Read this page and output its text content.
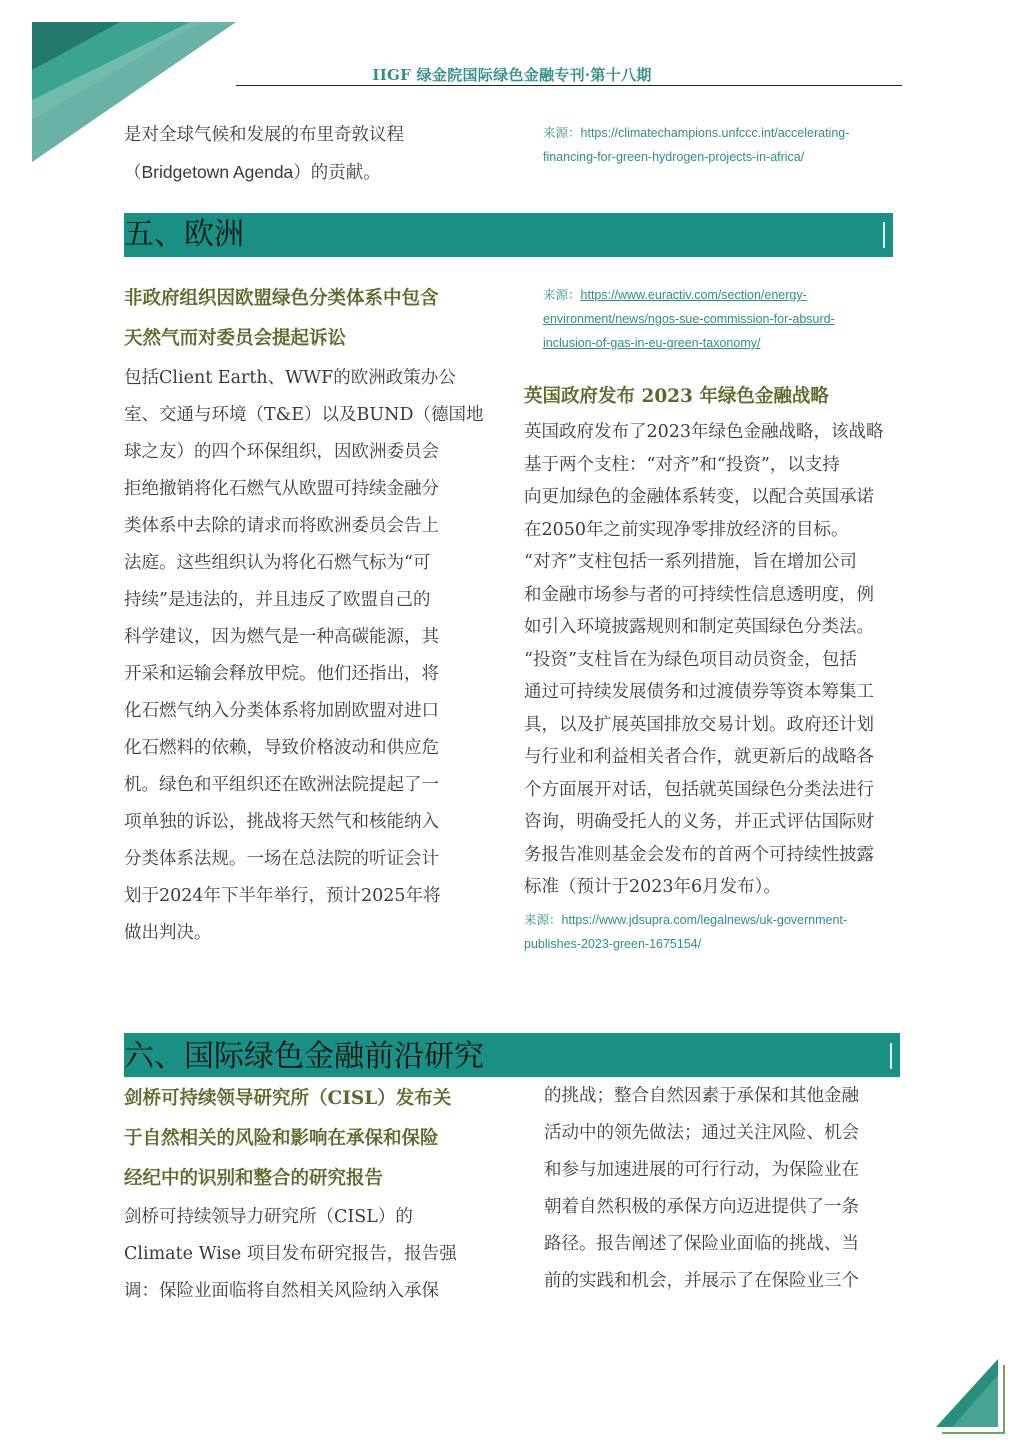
IIGF 绿金院国际绿色金融专刊·第十八期

是对全球气候和发展的布里奇敦议程

（Bridgetown Agenda）的贡献。

来源：https://climatechampions.unfccc.int/accelerating-

financing-for-green-hydrogen-projects-in-africa/

五、欧洲

非政府组织因欧盟绿色分类体系中包含

天然气而对委员会提起诉讼

包括Client Earth、WWF的欧洲政策办公

室、交通与环境（T&E）以及BUND（德国地

球之友）的四个环保组织，因欧洲委员会

拒绝撤销将化石燃气从欧盟可持续金融分

类体系中去除的请求而将欧洲委员会告上

法庭。这些组织认为将化石燃气标为“可

持续”是违法的，并且违反了欧盟自己的

科学建议，因为燃气是一种高碳能源，其

开采和运输会释放甲烷。他们还指出，将

化石燃气纳入分类体系将加剧欧盟对进口

化石燃料的依赖，导致价格波动和供应危

机。绿色和平组织还在欧洲法院提起了一

项单独的诉讼，挑战将天然气和核能纳入

分类体系法规。一场在总法院的听证会计

划于2024年下半年举行，预计2025年将

做出判决。

来源：https://www.euractiv.com/section/energy-

environment/news/ngos-sue-commission-for-absurd-

inclusion-of-gas-in-eu-green-taxonomy/

英国政府发布 2023 年绿色金融战略

英国政府发布了2023年绿色金融战略，该战略

基于两个支柱：“对齐”和“投资”，以支持

向更加绿色的金融体系转变，以配合英国承诺

在2050年之前实现净零排放经济的目标。

“对齐”支柱包括一系列措施，旨在增加公司

和金融市场参与者的可持续性信息透明度，例

如引入环境披露规则和制定英国绿色分类法。

“投资”支柱旨在为绿色项目动员资金，包括

通过可持续发展债务和过渡债券等资本筹集工

具，以及扩展英国排放交易计划。政府还计划

与行业和利益相关者合作，就更新后的战略各

个方面展开对话，包括就英国绿色分类法进行

咨询，明确受托人的义务，并正式评估国际财

务报告准则基金会发布的首两个可持续性披露

标准（预计于2023年6月发布）。

来源：https://www.jdsupra.com/legalnews/uk-government-

publishes-2023-green-1675154/

六、国际绿色金融前沿研究

剑桥可持续领导研究所（CISL）发布关

于自然相关的风险和影响在承保和保险

经纪中的识别和整合的研究报告

剑桥可持续领导力研究所（CISL）的

Climate Wise 项目发布研究报告，报告强

调：保险业面临将自然相关风险纳入承保

的挑战；整合自然因素于承保和其他金融

活动中的领先做法；通过关注风险、机会

和参与加速进展的可行行动，为保险业在

朝着自然积极的承保方向迈进提供了一条

路径。报告阐述了保险业面临的挑战、当

前的实践和机会，并展示了在保险业三个
